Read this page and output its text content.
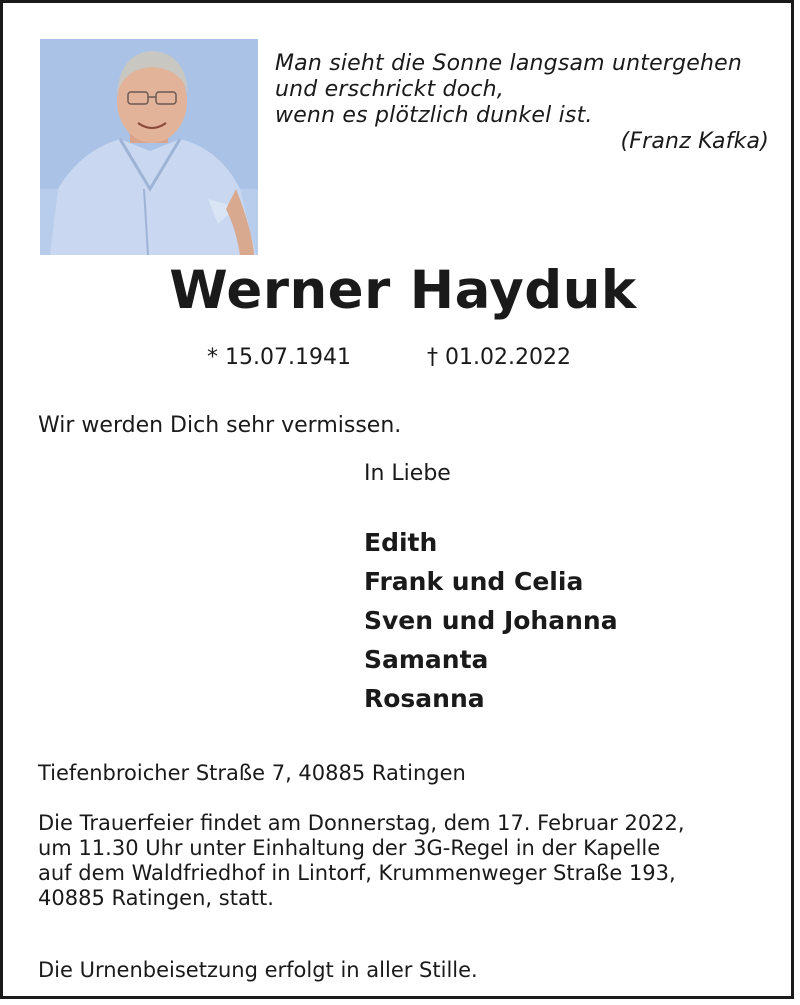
Man sieht die Sonne langsam untergehen
und erschrickt doch,
wenn es plötzlich dunkel ist.
(Franz Kafka)
Werner Hayduk
* 15.07.1941	† 01.02.2022
Wir werden Dich sehr vermissen.
In Liebe
Edith
Frank und Celia
Sven und Johanna
Samanta
Rosanna
Tiefenbroicher Straße 7, 40885 Ratingen
Die Trauerfeier findet am Donnerstag, dem 17. Februar 2022,
um 11.30 Uhr unter Einhaltung der 3G-Regel in der Kapelle
auf dem Waldfriedhof in Lintorf, Krummenweger Straße 193,
40885 Ratingen, statt.
Die Urnenbeisetzung erfolgt in aller Stille.
